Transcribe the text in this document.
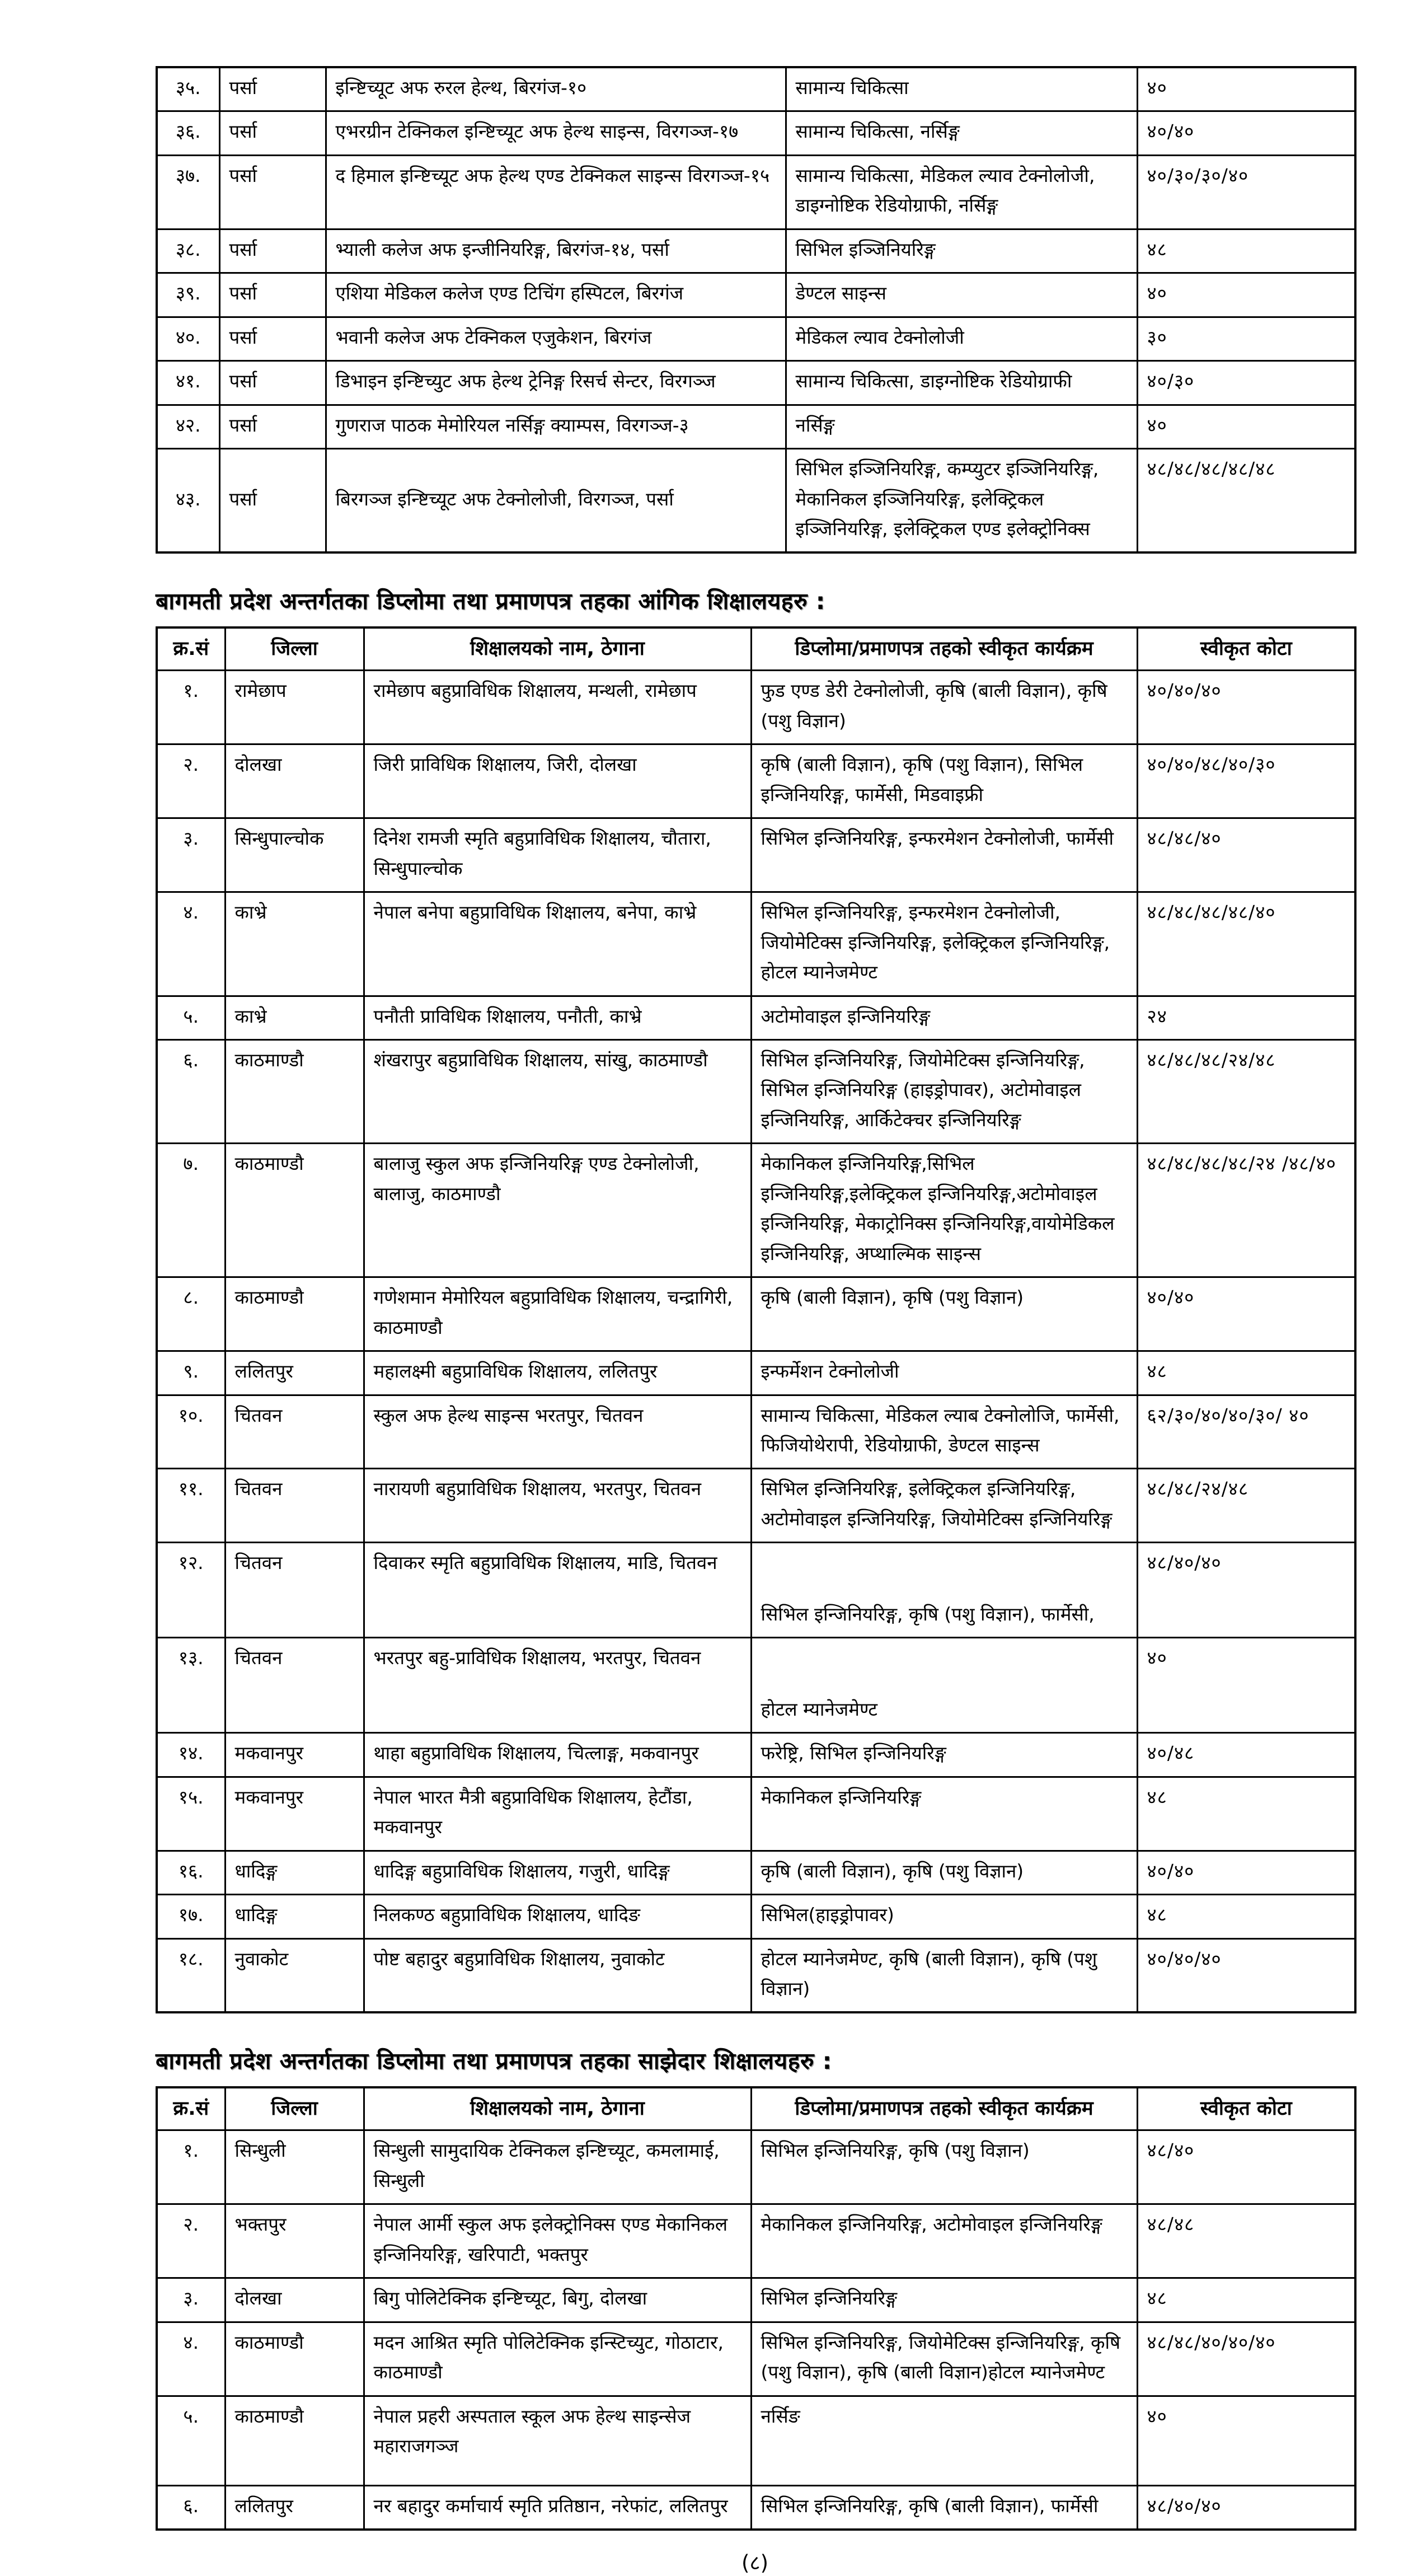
३५.	पर्सा	इन्ष्टिच्यूट अफ रुरल हेल्थ, बिरगंज-१०	सामान्य चिकित्सा	४०
३६.	पर्सा	एभरग्रीन टेक्निकल इन्ष्टिच्यूट अफ हेल्थ साइन्स, विरगञ्ज-१७	सामान्य चिकित्सा, नर्सिङ्ग	४०/४०
३७.	पर्सा	द हिमाल इन्ष्टिच्यूट अफ हेल्थ एण्ड टेक्निकल साइन्स विरगञ्ज-१५	सामान्य चिकित्सा, मेडिकल ल्याव टेक्नोलोजी, डाइग्नोष्टिक रेडियोग्राफी, नर्सिङ्ग	४०/३०/३०/४०
३८.	पर्सा	भ्याली कलेज अफ इन्जीनियरिङ्ग, बिरगंज-१४, पर्सा	सिभिल इञ्जिनियरिङ्ग	४८
३९.	पर्सा	एशिया मेडिकल कलेज एण्ड टिचिंग हस्पिटल, बिरगंज	डेण्टल साइन्स	४०
४०.	पर्सा	भवानी कलेज अफ टेक्निकल एजुकेशन, बिरगंज	मेडिकल ल्याव टेक्नोलोजी	३०
४१.	पर्सा	डिभाइन इन्ष्टिच्युट अफ हेल्थ ट्रेनिङ्ग रिसर्च सेन्टर, विरगञ्ज	सामान्य चिकित्सा, डाइग्नोष्टिक रेडियोग्राफी	४०/३०
४२.	पर्सा	गुणराज पाठक मेमोरियल नर्सिङ्ग क्याम्पस, विरगञ्ज-३	नर्सिङ्ग	४०
४३.	पर्सा	बिरगञ्ज इन्ष्टिच्यूट अफ टेक्नोलोजी, विरगञ्ज, पर्सा	सिभिल इञ्जिनियरिङ्ग, कम्प्युटर इञ्जिनियरिङ्ग, मेकानिकल इञ्जिनियरिङ्ग, इलेक्ट्रिकल इञ्जिनियरिङ्ग, इलेक्ट्रिकल एण्ड इलेक्ट्रोनिक्स	४८/४८/४८/४८/४८
बागमती प्रदेश अन्तर्गतका डिप्लोमा तथा प्रमाणपत्र तहका आंगिक शिक्षालयहरु :
क्र.सं	जिल्ला	शिक्षालयको नाम, ठेगाना	डिप्लोमा/प्रमाणपत्र तहको स्वीकृत कार्यक्रम	स्वीकृत कोटा
१.	रामेछाप	रामेछाप बहुप्राविधिक शिक्षालय, मन्थली, रामेछाप	फुड एण्ड डेरी टेक्नोलोजी, कृषि (बाली विज्ञान), कृषि (पशु विज्ञान)	४०/४०/४०
२.	दोलखा	जिरी प्राविधिक शिक्षालय, जिरी, दोलखा	कृषि (बाली विज्ञान), कृषि (पशु विज्ञान), सिभिल इन्जिनियरिङ्ग, फार्मेसी, मिडवाइफ्री	४०/४०/४८/४०/३०
३.	सिन्धुपाल्चोक	दिनेश रामजी स्मृति बहुप्राविधिक शिक्षालय, चौतारा, सिन्धुपाल्चोक	सिभिल इन्जिनियरिङ्ग, इन्फरमेशन टेक्नोलोजी, फार्मेसी	४८/४८/४०
४.	काभ्रे	नेपाल बनेपा बहुप्राविधिक शिक्षालय, बनेपा, काभ्रे	सिभिल इन्जिनियरिङ्ग, इन्फरमेशन टेक्नोलोजी, जियोमेटिक्स इन्जिनियरिङ्ग, इलेक्ट्रिकल इन्जिनियरिङ्ग, होटल म्यानेजमेण्ट	४८/४८/४८/४८/४०
५.	काभ्रे	पनौती प्राविधिक शिक्षालय, पनौती, काभ्रे	अटोमोवाइल इन्जिनियरिङ्ग	२४
६.	काठमाण्डौ	शंखरापुर बहुप्राविधिक शिक्षालय, सांखु, काठमाण्डौ	सिभिल इन्जिनियरिङ्ग, जियोमेटिक्स इन्जिनियरिङ्ग, सिभिल इन्जिनियरिङ्ग (हाइड्रोपावर), अटोमोवाइल इन्जिनियरिङ्ग, आर्किटेक्चर इन्जिनियरिङ्ग	४८/४८/४८/२४/४८
७.	काठमाण्डौ	बालाजु स्कुल अफ इन्जिनियरिङ्ग एण्ड टेक्नोलोजी, बालाजु, काठमाण्डौ	मेकानिकल इन्जिनियरिङ्ग,सिभिल इन्जिनियरिङ्ग,इलेक्ट्रिकल इन्जिनियरिङ्ग,अटोमोवाइल इन्जिनियरिङ्ग, मेकाट्रोनिक्स इन्जिनियरिङ्ग,वायोमेडिकल इन्जिनियरिङ्ग, अप्थाल्मिक साइन्स	४८/४८/४८/४८/२४ /४८/४०
८.	काठमाण्डौ	गणेशमान मेमोरियल बहुप्राविधिक शिक्षालय, चन्द्रागिरी, काठमाण्डौ	कृषि (बाली विज्ञान), कृषि (पशु विज्ञान)	४०/४०
९.	ललितपुर	महालक्ष्मी बहुप्राविधिक शिक्षालय, ललितपुर	इन्फर्मेशन टेक्नोलोजी	४८
१०.	चितवन	स्कुल अफ हेल्थ साइन्स भरतपुर, चितवन	सामान्य चिकित्सा, मेडिकल ल्याब टेक्नोलोजि, फार्मेसी, फिजियोथेरापी, रेडियोग्राफी, डेण्टल साइन्स	६२/३०/४०/४०/३०/ ४०
११.	चितवन	नारायणी बहुप्राविधिक शिक्षालय, भरतपुर, चितवन	सिभिल इन्जिनियरिङ्ग, इलेक्ट्रिकल इन्जिनियरिङ्ग, अटोमोवाइल इन्जिनियरिङ्ग, जियोमेटिक्स इन्जिनियरिङ्ग	४८/४८/२४/४८
१२.	चितवन	दिवाकर स्मृति बहुप्राविधिक शिक्षालय, माडि, चितवन	सिभिल इन्जिनियरिङ्ग, कृषि (पशु विज्ञान), फार्मेसी,	४८/४०/४०
१३.	चितवन	भरतपुर बहु-प्राविधिक शिक्षालय, भरतपुर, चितवन	होटल म्यानेजमेण्ट	४०
१४.	मकवानपुर	थाहा बहुप्राविधिक शिक्षालय, चित्लाङ्ग, मकवानपुर	फरेष्ट्रि, सिभिल इन्जिनियरिङ्ग	४०/४८
१५.	मकवानपुर	नेपाल भारत मैत्री बहुप्राविधिक शिक्षालय, हेटौंडा, मकवानपुर	मेकानिकल इन्जिनियरिङ्ग	४८
१६.	धादिङ्ग	धादिङ्ग बहुप्राविधिक शिक्षालय, गजुरी, धादिङ्ग	कृषि (बाली विज्ञान), कृषि (पशु विज्ञान)	४०/४०
१७.	धादिङ्ग	निलकण्ठ बहुप्राविधिक शिक्षालय, धादिङ	सिभिल(हाइड्रोपावर)	४८
१८.	नुवाकोट	पोष्ट बहादुर बहुप्राविधिक शिक्षालय, नुवाकोट	होटल म्यानेजमेण्ट, कृषि (बाली विज्ञान), कृषि (पशु विज्ञान)	४०/४०/४०
बागमती प्रदेश अन्तर्गतका डिप्लोमा तथा प्रमाणपत्र तहका साझेदार शिक्षालयहरु :
क्र.सं	जिल्ला	शिक्षालयको नाम, ठेगाना	डिप्लोमा/प्रमाणपत्र तहको स्वीकृत कार्यक्रम	स्वीकृत कोटा
१.	सिन्धुली	सिन्धुली सामुदायिक टेक्निकल इन्ष्टिच्यूट, कमलामाई, सिन्धुली	सिभिल इन्जिनियरिङ्ग, कृषि (पशु विज्ञान)	४८/४०
२.	भक्तपुर	नेपाल आर्मी स्कुल अफ इलेक्ट्रोनिक्स एण्ड मेकानिकल इन्जिनियरिङ्ग, खरिपाटी, भक्तपुर	मेकानिकल इन्जिनियरिङ्ग, अटोमोवाइल इन्जिनियरिङ्ग	४८/४८
३.	दोलखा	बिगु पोलिटेक्निक इन्ष्टिच्यूट, बिगु, दोलखा	सिभिल इन्जिनियरिङ्ग	४८
४.	काठमाण्डौ	मदन आश्रित स्मृति पोलिटेक्निक इन्स्टिच्युट, गोठाटार, काठमाण्डौ	सिभिल इन्जिनियरिङ्ग, जियोमेटिक्स इन्जिनियरिङ्ग, कृषि (पशु विज्ञान), कृषि (बाली विज्ञान)होटल म्यानेजमेण्ट	४८/४८/४०/४०/४०
५.	काठमाण्डौ	नेपाल प्रहरी अस्पताल स्कूल अफ हेल्थ साइन्सेज महाराजगञ्ज	नर्सिङ	४०
६.	ललितपुर	नर बहादुर कर्माचार्य स्मृति प्रतिष्ठान, नरेफांट, ललितपुर	सिभिल इन्जिनियरिङ्ग, कृषि (बाली विज्ञान), फार्मेसी	४८/४०/४०
(८)
